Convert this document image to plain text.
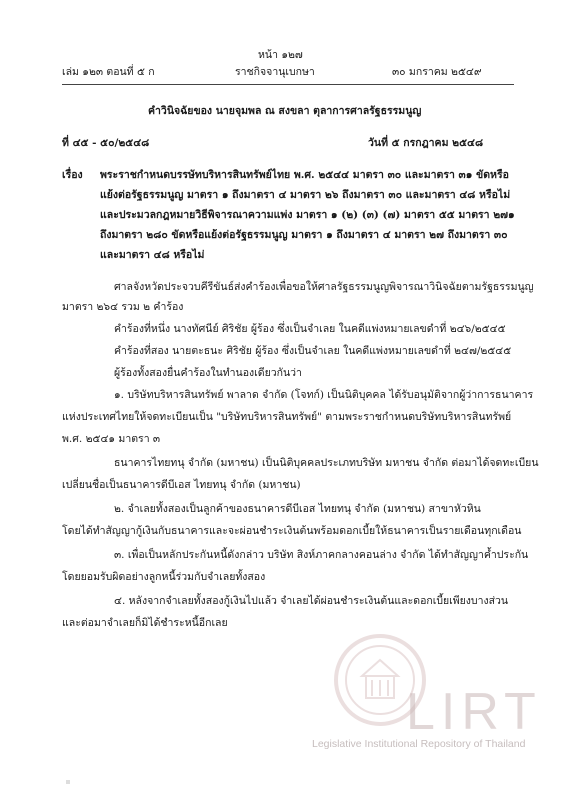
หน้า ๑๒๗
เล่ม ๑๒๓ ตอนที่ ๕ ก	ราชกิจจานุเบกษา	๓๐ มกราคม ๒๕๔๙
คำวินิจฉัยของ นายจุมพล ณ สงขลา ตุลาการศาลรัฐธรรมนูญ
ที่ ๔๕ - ๕๐/๒๕๔๘	วันที่ ๕ กรกฎาคม ๒๕๔๘
เรื่อง พระราชกำหนดบรรษัทบริหารสินทรัพย์ไทย พ.ศ. ๒๕๔๔ มาตรา ๓๐ และมาตรา ๓๑ ขัดหรือ
แย้งต่อรัฐธรรมนูญ มาตรา ๑ ถึงมาตรา ๔ มาตรา ๒๖ ถึงมาตรา ๓๐ และมาตรา ๔๘ หรือไม่
และประมวลกฎหมายวิธีพิจารณาความแพ่ง มาตรา ๑ (๒) (๓) (๗) มาตรา ๕๕ มาตรา ๒๗๑
ถึงมาตรา ๒๘๐ ขัดหรือแย้งต่อรัฐธรรมนูญ มาตรา ๑ ถึงมาตรา ๔ มาตรา ๒๗ ถึงมาตรา ๓๐
และมาตรา ๔๘ หรือไม่
ศาลจังหวัดประจวบคีรีขันธ์ส่งคำร้องเพื่อขอให้ศาลรัฐธรรมนูญพิจารณาวินิจฉัยตามรัฐธรรมนูญ
มาตรา ๒๖๔ รวม ๒ คำร้อง
คำร้องที่หนึ่ง นางทัศนีย์ ศิริชัย ผู้ร้อง ซึ่งเป็นจำเลย ในคดีแพ่งหมายเลขดำที่ ๒๔๖/๒๕๔๕
คำร้องที่สอง นายตะธนะ ศิริชัย ผู้ร้อง ซึ่งเป็นจำเลย ในคดีแพ่งหมายเลขดำที่ ๒๔๗/๒๕๔๕
ผู้ร้องทั้งสองยื่นคำร้องในทำนองเดียวกันว่า
๑. บริษัทบริหารสินทรัพย์ พาลาด จำกัด (โจทก์) เป็นนิติบุคคล ได้รับอนุมัติจากผู้ว่าการธนาคาร
แห่งประเทศไทยให้จดทะเบียนเป็น "บริษัทบริหารสินทรัพย์" ตามพระราชกำหนดบริษัทบริหารสินทรัพย์
พ.ศ. ๒๕๔๑ มาตรา ๓
ธนาคารไทยทนุ จำกัด (มหาชน) เป็นนิติบุคคลประเภทบริษัท มหาชน จำกัด ต่อมาได้จดทะเบียน
เปลี่ยนชื่อเป็นธนาคารดีบีเอส ไทยทนุ จำกัด (มหาชน)
๒. จำเลยทั้งสองเป็นลูกค้าของธนาคารดีบีเอส ไทยทนุ จำกัด (มหาชน) สาขาหัวหิน
โดยได้ทำสัญญากู้เงินกับธนาคารและจะผ่อนชำระเงินต้นพร้อมดอกเบี้ยให้ธนาคารเป็นรายเดือนทุกเดือน
๓. เพื่อเป็นหลักประกันหนี้ดังกล่าว บริษัท สิงห์ภาคกลางคอนล่าง จำกัด ได้ทำสัญญาค้ำประกัน
โดยยอมรับผิดอย่างลูกหนี้ร่วมกับจำเลยทั้งสอง
๔. หลังจากจำเลยทั้งสองกู้เงินไปแล้ว จำเลยได้ผ่อนชำระเงินต้นและดอกเบี้ยเพียงบางส่วน
และต่อมาจำเลยก็มิได้ชำระหนี้อีกเลย
LIRT
Legislative Institutional Repository of Thailand
